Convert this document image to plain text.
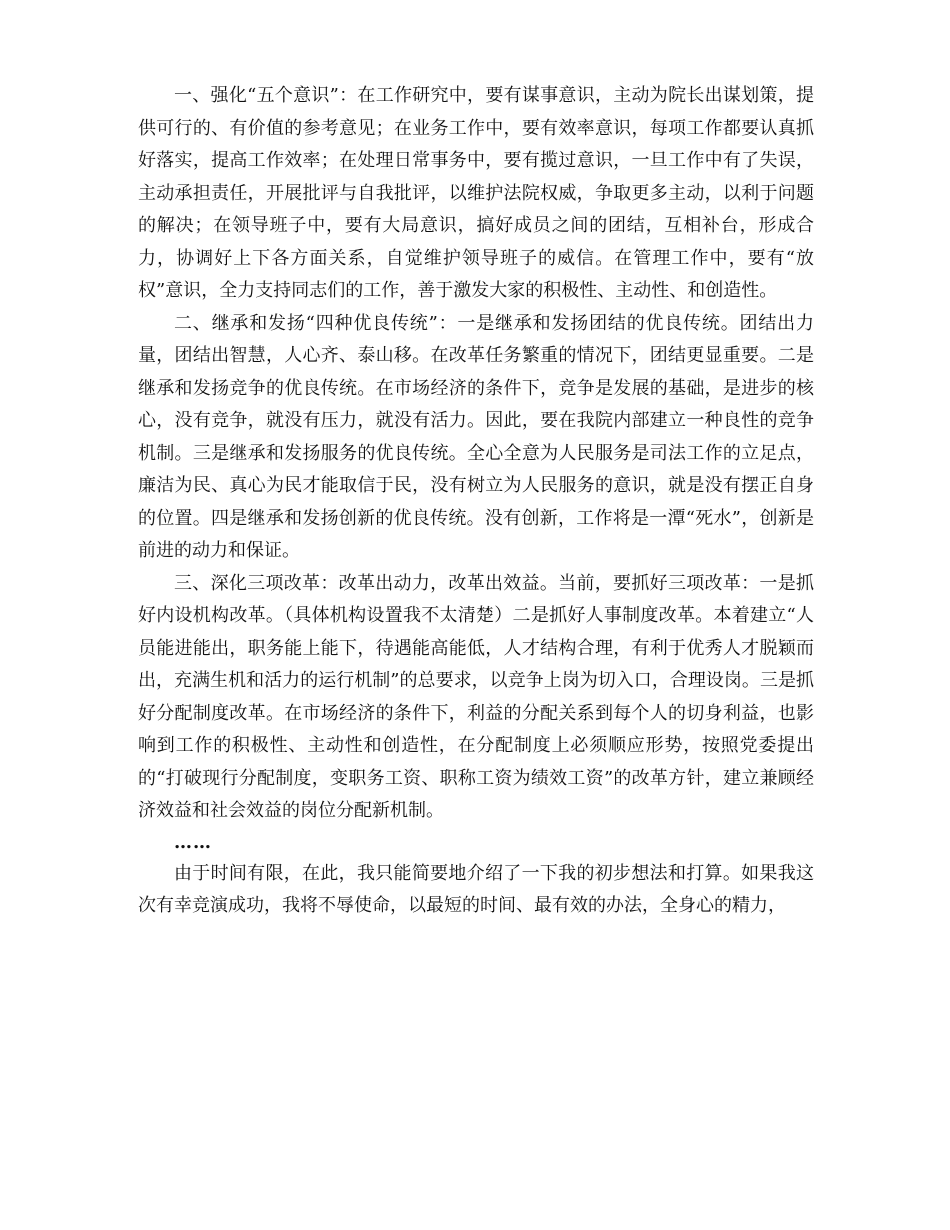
一、强化“五个意识”：在工作研究中，要有谋事意识，主动为院长出谋划策，提供可行的、有价值的参考意见；在业务工作中，要有效率意识，每项工作都要认真抓好落实，提高工作效率；在处理日常事务中，要有揽过意识，一旦工作中有了失误，主动承担责任，开展批评与自我批评，以维护法院权威，争取更多主动，以利于问题的解决；在领导班子中，要有大局意识，搞好成员之间的团结，互相补台，形成合力，协调好上下各方面关系，自觉维护领导班子的威信。在管理工作中，要有“放权”意识，全力支持同志们的工作，善于激发大家的积极性、主动性、和创造性。

二、继承和发扬“四种优良传统”：一是继承和发扬团结的优良传统。团结出力量，团结出智慧，人心齐、泰山移。在改革任务繁重的情况下，团结更显重要。二是继承和发扬竞争的优良传统。在市场经济的条件下，竞争是发展的基础，是进步的核心，没有竞争，就没有压力，就没有活力。因此，要在我院内部建立一种良性的竞争机制。三是继承和发扬服务的优良传统。全心全意为人民服务是司法工作的立足点，廉洁为民、真心为民才能取信于民，没有树立为人民服务的意识，就是没有摆正自身的位置。四是继承和发扬创新的优良传统。没有创新，工作将是一潭“死水”，创新是前进的动力和保证。

三、深化三项改革：改革出动力，改革出效益。当前，要抓好三项改革：一是抓好内设机构改革。（具体机构设置我不太清楚）二是抓好人事制度改革。本着建立“人员能进能出，职务能上能下，待遇能高能低，人才结构合理，有利于优秀人才脱颖而出，充满生机和活力的运行机制”的总要求，以竞争上岗为切入口，合理设岗。三是抓好分配制度改革。在市场经济的条件下，利益的分配关系到每个人的切身利益，也影响到工作的积极性、主动性和创造性，在分配制度上必须顺应形势，按照党委提出的“打破现行分配制度，变职务工资、职称工资为绩效工资”的改革方针，建立兼顾经济效益和社会效益的岗位分配新机制。

……

由于时间有限，在此，我只能简要地介绍了一下我的初步想法和打算。如果我这次有幸竞演成功，我将不辱使命，以最短的时间、最有效的办法，全身心的精力，
